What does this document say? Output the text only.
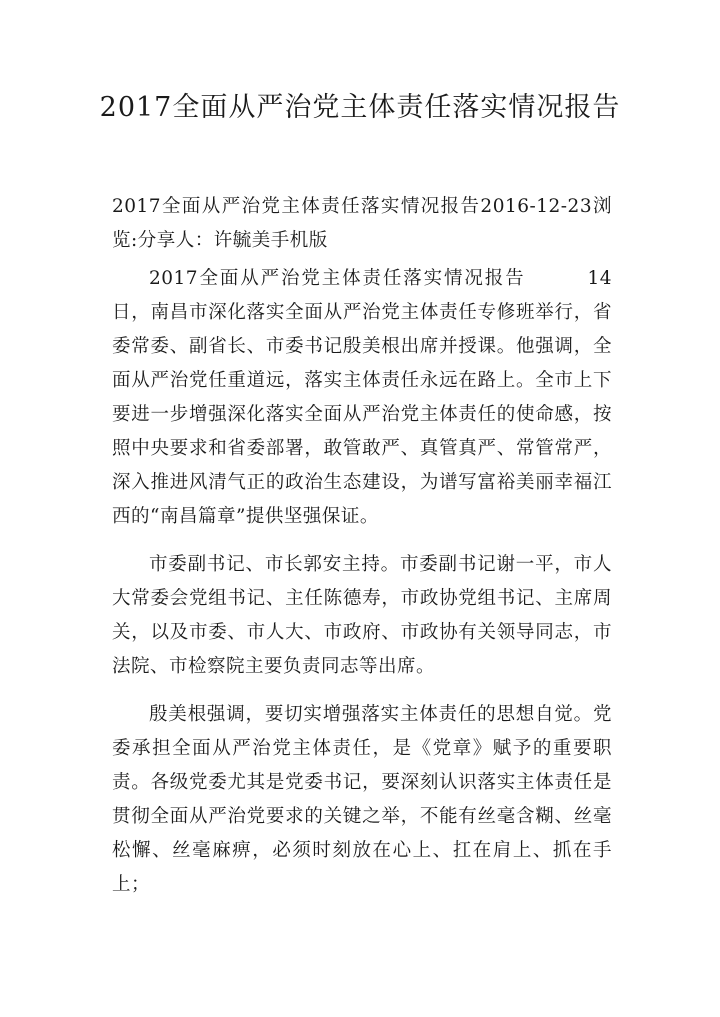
2017全面从严治党主体责任落实情况报告

2017全面从严治党主体责任落实情况报告2016-12-23浏览:分享人：许毓美手机版

2017全面从严治党主体责任落实情况报告	14日，南昌市深化落实全面从严治党主体责任专修班举行，省委常委、副省长、市委书记殷美根出席并授课。他强调，全面从严治党任重道远，落实主体责任永远在路上。全市上下要进一步增强深化落实全面从严治党主体责任的使命感，按照中央要求和省委部署，敢管敢严、真管真严、常管常严，深入推进风清气正的政治生态建设，为谱写富裕美丽幸福江西的“南昌篇章”提供坚强保证。

市委副书记、市长郭安主持。市委副书记谢一平，市人大常委会党组书记、主任陈德寿，市政协党组书记、主席周关，以及市委、市人大、市政府、市政协有关领导同志，市法院、市检察院主要负责同志等出席。

殷美根强调，要切实增强落实主体责任的思想自觉。党委承担全面从严治党主体责任，是《党章》赋予的重要职责。各级党委尤其是党委书记，要深刻认识落实主体责任是贯彻全面从严治党要求的关键之举，不能有丝毫含糊、丝毫松懈、丝毫麻痹，必须时刻放在心上、扛在肩上、抓在手上；
